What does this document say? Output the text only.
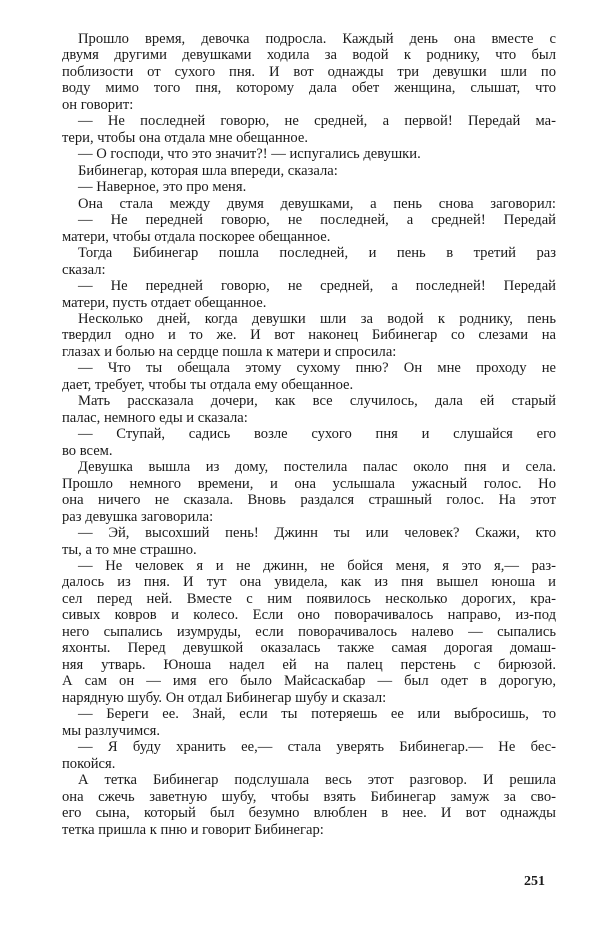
Прошло время, девочка подросла. Каждый день она вместе с
двумя другими девушками ходила за водой к роднику, что был
поблизости от сухого пня. И вот однажды три девушки шли по
воду мимо того пня, которому дала обет женщина, слышат, что
он говорит:
— Не последней говорю, не средней, а первой! Передай ма-
тери, чтобы она отдала мне обещанное.
— О господи, что это значит?! — испугались девушки.
Бибинегар, которая шла впереди, сказала:
— Наверное, это про меня.
Она стала между двумя девушками, а пень снова заговорил:
— Не передней говорю, не последней, а средней! Передай
матери, чтобы отдала поскорее обещанное.
Тогда Бибинегар пошла последней, и пень в третий раз
сказал:
— Не передней говорю, не средней, а последней! Передай
матери, пусть отдает обещанное.
Несколько дней, когда девушки шли за водой к роднику, пень
твердил одно и то же. И вот наконец Бибинегар со слезами на
глазах и болью на сердце пошла к матери и спросила:
— Что ты обещала этому сухому пню? Он мне проходу не
дает, требует, чтобы ты отдала ему обещанное.
Мать рассказала дочери, как все случилось, дала ей старый
палас, немного еды и сказала:
— Ступай, садись возле сухого пня и слушайся его
во всем.
Девушка вышла из дому, постелила палас около пня и села.
Прошло немного времени, и она услышала ужасный голос. Но
она ничего не сказала. Вновь раздался страшный голос. На этот
раз девушка заговорила:
— Эй, высохший пень! Джинн ты или человек? Скажи, кто
ты, а то мне страшно.
— Не человек я и не джинн, не бойся меня, я это я,— раз-
далось из пня. И тут она увидела, как из пня вышел юноша и
сел перед ней. Вместе с ним появилось несколько дорогих, кра-
сивых ковров и колесо. Если оно поворачивалось направо, из-под
него сыпались изумруды, если поворачивалось налево — сыпались
яхонты. Перед девушкой оказалась также самая дорогая домаш-
няя утварь. Юноша надел ей на палец перстень с бирюзой.
А сам он — имя его было Майсаскабар — был одет в дорогую,
нарядную шубу. Он отдал Бибинегар шубу и сказал:
— Береги ее. Знай, если ты потеряешь ее или выбросишь, то
мы разлучимся.
— Я буду хранить ее,— стала уверять Бибинегар.— Не бес-
покойся.
А тетка Бибинегар подслушала весь этот разговор. И решила
она сжечь заветную шубу, чтобы взять Бибинегар замуж за сво-
его сына, который был безумно влюблен в нее. И вот однажды
тетка пришла к пню и говорит Бибинегар:
251
